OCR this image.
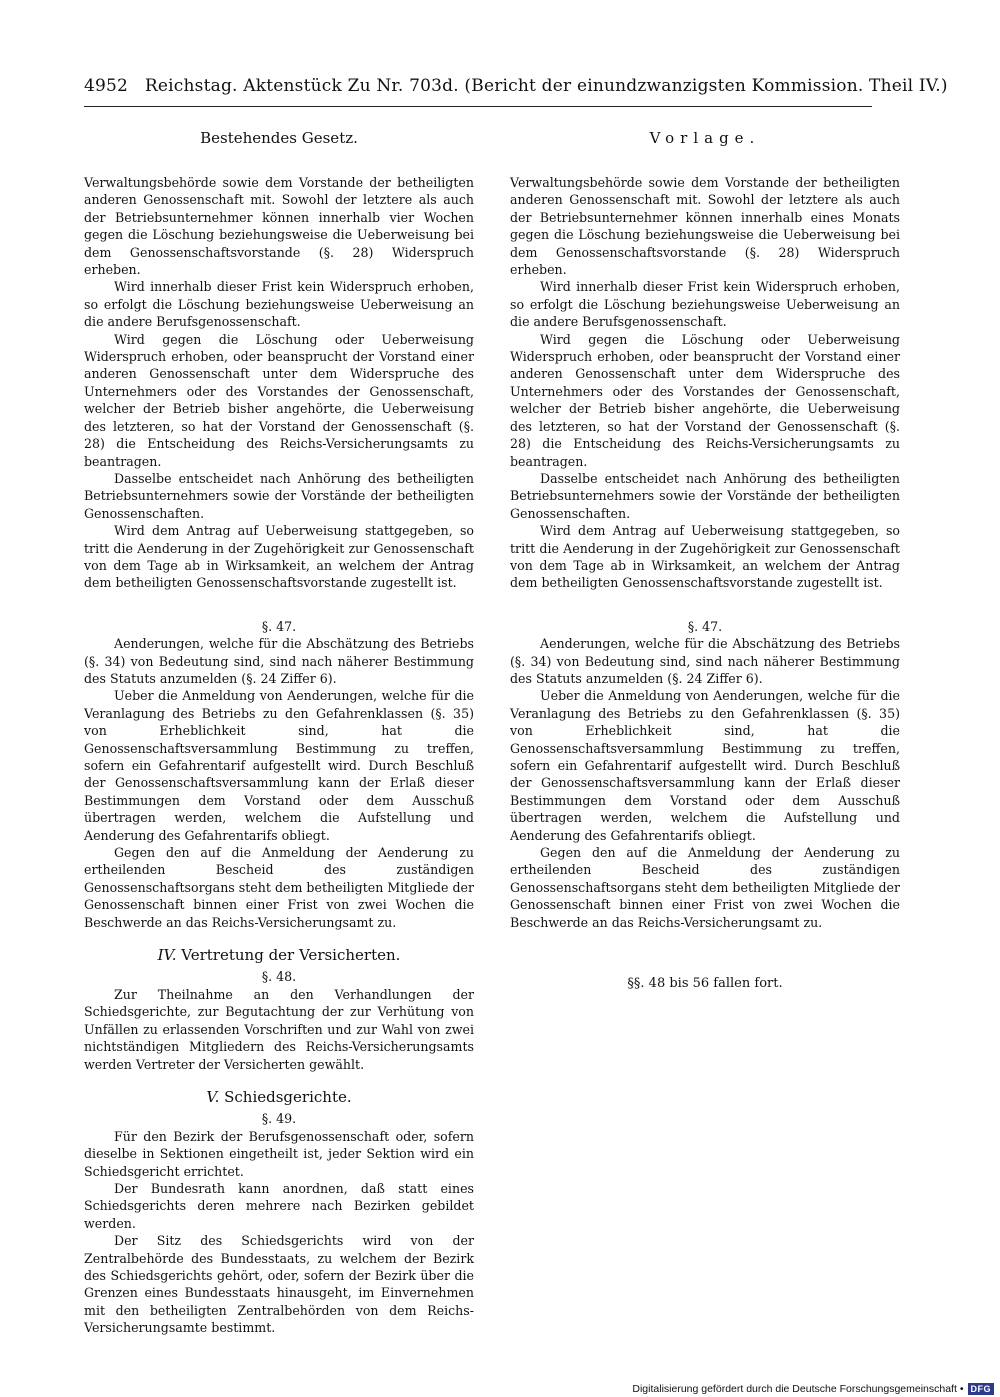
4952 Reichstag. Aktenstück Zu Nr. 703d. (Bericht der einundzwanzigsten Kommission. Theil IV.)
Bestehendes Gesetz.

Verwaltungsbehörde sowie dem Vorstande der betheiligten anderen Genossenschaft mit. Sowohl der letztere als auch der Betriebsunternehmer können innerhalb vier Wochen gegen die Löschung beziehungsweise die Ueberweisung bei dem Genossenschaftsvorstande (§. 28) Widerspruch erheben.

Wird innerhalb dieser Frist kein Widerspruch erhoben, so erfolgt die Löschung beziehungsweise Ueberweisung an die andere Berufsgenossenschaft.

Wird gegen die Löschung oder Ueberweisung Widerspruch erhoben, oder beansprucht der Vorstand einer anderen Genossenschaft unter dem Widerspruche des Unternehmers oder des Vorstandes der Genossenschaft, welcher der Betrieb bisher angehörte, die Ueberweisung des letzteren, so hat der Vorstand der Genossenschaft (§. 28) die Entscheidung des Reichs-Versicherungsamts zu beantragen.

Dasselbe entscheidet nach Anhörung des betheiligten Betriebsunternehmers sowie der Vorstände der betheiligten Genossenschaften.

Wird dem Antrag auf Ueberweisung stattgegeben, so tritt die Aenderung in der Zugehörigkeit zur Genossenschaft von dem Tage ab in Wirksamkeit, an welchem der Antrag dem betheiligten Genossenschaftsvorstande zugestellt ist.

§. 47.

Aenderungen, welche für die Abschätzung des Betriebs (§. 34) von Bedeutung sind, sind nach näherer Bestimmung des Statuts anzumelden (§. 24 Ziffer 6).

Ueber die Anmeldung von Aenderungen, welche für die Veranlagung des Betriebs zu den Gefahrenklassen (§. 35) von Erheblichkeit sind, hat die Genossenschaftsversammlung Bestimmung zu treffen, sofern ein Gefahrentarif aufgestellt wird. Durch Beschluß der Genossenschaftsversammlung kann der Erlaß dieser Bestimmungen dem Vorstand oder dem Ausschuß übertragen werden, welchem die Aufstellung und Aenderung des Gefahrentarifs obliegt.

Gegen den auf die Anmeldung der Aenderung zu ertheilenden Bescheid des zuständigen Genossenschaftsorgans steht dem betheiligten Mitgliede der Genossenschaft binnen einer Frist von zwei Wochen die Beschwerde an das Reichs-Versicherungsamt zu.

IV. Vertretung der Versicherten.
§. 48.

Zur Theilnahme an den Verhandlungen der Schiedsgerichte, zur Begutachtung der zur Verhütung von Unfällen zu erlassenden Vorschriften und zur Wahl von zwei nichtständigen Mitgliedern des Reichs-Versicherungsamts werden Vertreter der Versicherten gewählt.

V. Schiedsgerichte.
§. 49.

Für den Bezirk der Berufsgenossenschaft oder, sofern dieselbe in Sektionen eingetheilt ist, jeder Sektion wird ein Schiedsgericht errichtet.

Der Bundesrath kann anordnen, daß statt eines Schiedsgerichts deren mehrere nach Bezirken gebildet werden.

Der Sitz des Schiedsgerichts wird von der Zentralbehörde des Bundesstaats, zu welchem der Bezirk des Schiedsgerichts gehört, oder, sofern der Bezirk über die Grenzen eines Bundesstaats hinausgeht, im Einvernehmen mit den betheiligten Zentralbehörden von dem Reichs-Versicherungsamte bestimmt.

Vorlage.

Verwaltungsbehörde sowie dem Vorstande der betheiligten anderen Genossenschaft mit. Sowohl der letztere als auch der Betriebsunternehmer können innerhalb eines Monats gegen die Löschung beziehungsweise die Ueberweisung bei dem Genossenschaftsvorstande (§. 28) Widerspruch erheben.

Wird innerhalb dieser Frist kein Widerspruch erhoben, so erfolgt die Löschung beziehungsweise Ueberweisung an die andere Berufsgenossenschaft.

Wird gegen die Löschung oder Ueberweisung Widerspruch erhoben, oder beansprucht der Vorstand einer anderen Genossenschaft unter dem Widerspruche des Unternehmers oder des Vorstandes der Genossenschaft, welcher der Betrieb bisher angehörte, die Ueberweisung des letzteren, so hat der Vorstand der Genossenschaft (§. 28) die Entscheidung des Reichs-Versicherungsamts zu beantragen.

Dasselbe entscheidet nach Anhörung des betheiligten Betriebsunternehmers sowie der Vorstände der betheiligten Genossenschaften.

Wird dem Antrag auf Ueberweisung stattgegeben, so tritt die Aenderung in der Zugehörigkeit zur Genossenschaft von dem Tage ab in Wirksamkeit, an welchem der Antrag dem betheiligten Genossenschaftsvorstande zugestellt ist.

§. 47.

Aenderungen, welche für die Abschätzung des Betriebs (§. 34) von Bedeutung sind, sind nach näherer Bestimmung des Statuts anzumelden (§. 24 Ziffer 6).

Ueber die Anmeldung von Aenderungen, welche für die Veranlagung des Betriebs zu den Gefahrenklassen (§. 35) von Erheblichkeit sind, hat die Genossenschaftsversammlung Bestimmung zu treffen, sofern ein Gefahrentarif aufgestellt wird. Durch Beschluß der Genossenschaftsversammlung kann der Erlaß dieser Bestimmungen dem Vorstand oder dem Ausschuß übertragen werden, welchem die Aufstellung und Aenderung des Gefahrentarifs obliegt.

Gegen den auf die Anmeldung der Aenderung zu ertheilenden Bescheid des zuständigen Genossenschaftsorgans steht dem betheiligten Mitgliede der Genossenschaft binnen einer Frist von zwei Wochen die Beschwerde an das Reichs-Versicherungsamt zu.

§§. 48 bis 56 fallen fort.
Digitalisierung gefördert durch die Deutsche Forschungsgemeinschaft • DFG
